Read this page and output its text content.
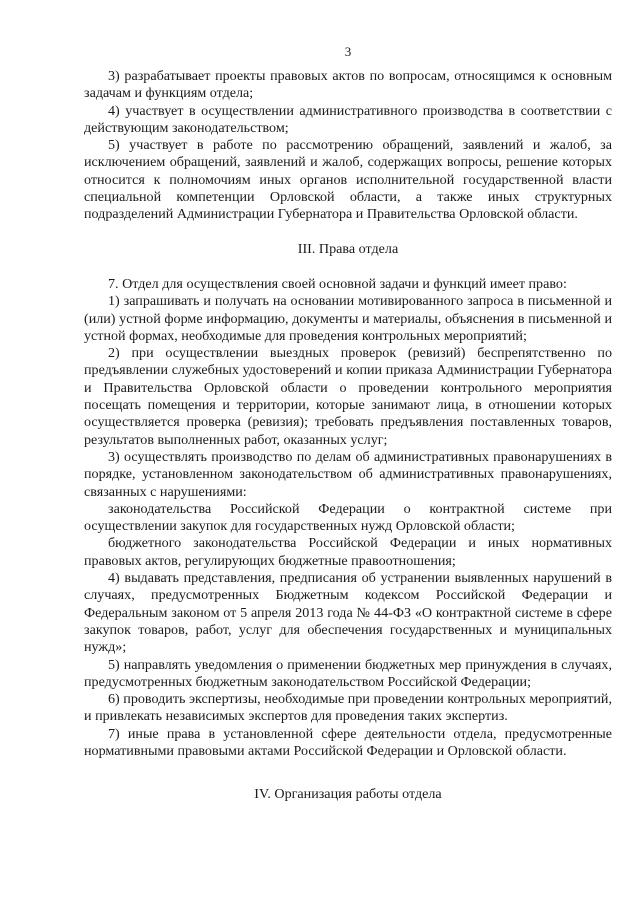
3

3) разрабатывает проекты правовых актов по вопросам, относящимся к основным задачам и функциям отдела;

4) участвует в осуществлении административного производства в соответствии с действующим законодательством;

5) участвует в работе по рассмотрению обращений, заявлений и жалоб, за исключением обращений, заявлений и жалоб, содержащих вопросы, решение которых относится к полномочиям иных органов исполнительной государственной власти специальной компетенции Орловской области, а также иных структурных подразделений Администрации Губернатора и Правительства Орловской области.

III. Права отдела

7. Отдел для осуществления своей основной задачи и функций имеет право:

1) запрашивать и получать на основании мотивированного запроса в письменной и (или) устной форме информацию, документы и материалы, объяснения в письменной и устной формах, необходимые для проведения контрольных мероприятий;

2) при осуществлении выездных проверок (ревизий) беспрепятственно по предъявлении служебных удостоверений и копии приказа Администрации Губернатора и Правительства Орловской области о проведении контрольного мероприятия посещать помещения и территории, которые занимают лица, в отношении которых осуществляется проверка (ревизия); требовать предъявления поставленных товаров, результатов выполненных работ, оказанных услуг;

3) осуществлять производство по делам об административных правонарушениях в порядке, установленном законодательством об административных правонарушениях, связанных с нарушениями:

законодательства Российской Федерации о контрактной системе при осуществлении закупок для государственных нужд Орловской области;

бюджетного законодательства Российской Федерации и иных нормативных правовых актов, регулирующих бюджетные правоотношения;

4) выдавать представления, предписания об устранении выявленных нарушений в случаях, предусмотренных Бюджетным кодексом Российской Федерации и Федеральным законом от 5 апреля 2013 года № 44-ФЗ «О контрактной системе в сфере закупок товаров, работ, услуг для обеспечения государственных и муниципальных нужд»;

5) направлять уведомления о применении бюджетных мер принуждения в случаях, предусмотренных бюджетным законодательством Российской Федерации;

6) проводить экспертизы, необходимые при проведении контрольных мероприятий, и привлекать независимых экспертов для проведения таких экспертиз.

7) иные права в установленной сфере деятельности отдела, предусмотренные нормативными правовыми актами Российской Федерации и Орловской области.

IV. Организация работы отдела
